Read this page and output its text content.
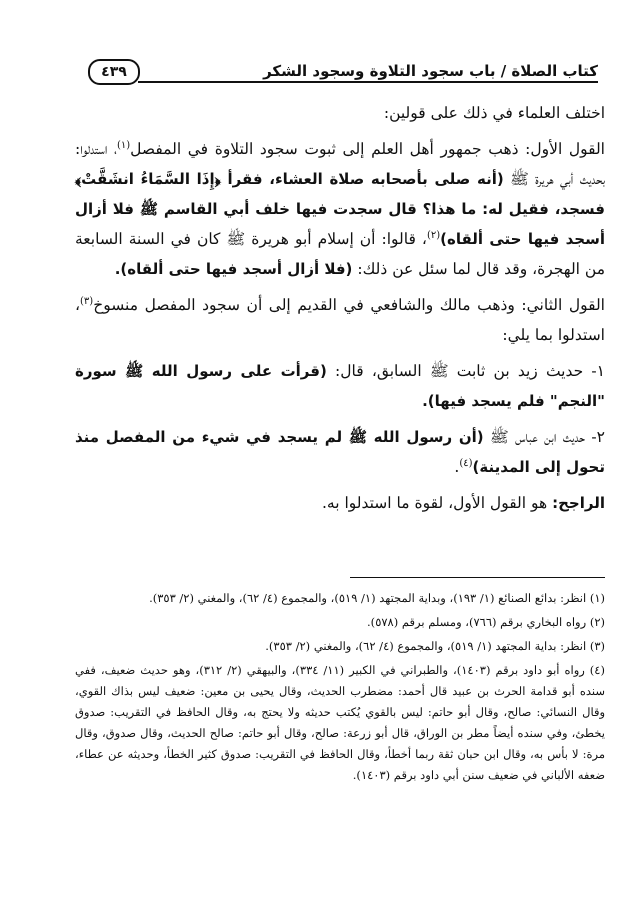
كتاب الصلاة / باب سجود التلاوة وسجود الشكر
٤٣٩

اختلف العلماء في ذلك على قولين:

القول الأول: ذهب جمهور أهل العلم إلى ثبوت سجود التلاوة في المفصل$^{(١)}$، استدلوا: بحديث أبي هريرة ﷺ (أنه صلى بأصحابه صلاة العشاء، فقرأ ﴿إِذَا السَّمَاءُ انشَقَّتْ﴾ فسجد، فقيل له: ما هذا؟ قال سجدت فيها خلف أبي القاسم ﷺ فلا أزال أسجد فيها حتى ألقاه)$^{(٢)}$، قالوا: أن إسلام أبو هريرة ﷺ كان في السنة السابعة من الهجرة، وقد قال لما سئل عن ذلك: (فلا أزال أسجد فيها حتى ألقاه).

القول الثاني: وذهب مالك والشافعي في القديم إلى أن سجود المفصل منسوخ$^{(٣)}$، استدلوا بما يلي:

١- حديث زيد بن ثابت ﷺ السابق، قال: (قرأت على رسول الله ﷺ سورة "النجم" فلم يسجد فيها).

٢- حديث ابن عباس ﷺ (أن رسول الله ﷺ لم يسجد في شيء من المفصل منذ تحول إلى المدينة)$^{(٤)}$.

الراجح: هو القول الأول، لقوة ما استدلوا به.

(١) انظر: بدائع الصنائع (١/ ١٩٣)، وبداية المجتهد (١/ ٥١٩)، والمجموع (٤/ ٦٢)، والمغني (٢/ ٣٥٣).

(٢) رواه البخاري برقم (٧٦٦)، ومسلم برقم (٥٧٨).

(٣) انظر: بداية المجتهد (١/ ٥١٩)، والمجموع (٤/ ٦٢)، والمغني (٢/ ٣٥٣).

(٤) رواه أبو داود برقم (١٤٠٣)، والطبراني في الكبير (١١/ ٣٣٤)، والبيهقي (٢/ ٣١٢)، وهو حديث ضعيف، ففي سنده أبو قدامة الحرث بن عبيد قال أحمد: مضطرب الحديث، وقال يحيى بن معين: ضعيف ليس بذاك القوي، وقال النسائي: صالح، وقال أبو حاتم: ليس بالقوي يُكتب حديثه ولا يحتج به، وقال الحافظ في التقريب: صدوق يخطئ، وفي سنده أيضاً مطر بن الوراق، قال أبو زرعة: صالح، وقال أبو حاتم: صالح الحديث، وقال صدوق، وقال مرة: لا بأس به، وقال ابن حبان ثقة ربما أخطأ، وقال الحافظ في التقريب: صدوق كثير الخطأ، وحديثه عن عطاء، ضعفه الألباني في ضعيف سنن أبي داود برقم (١٤٠٣).
